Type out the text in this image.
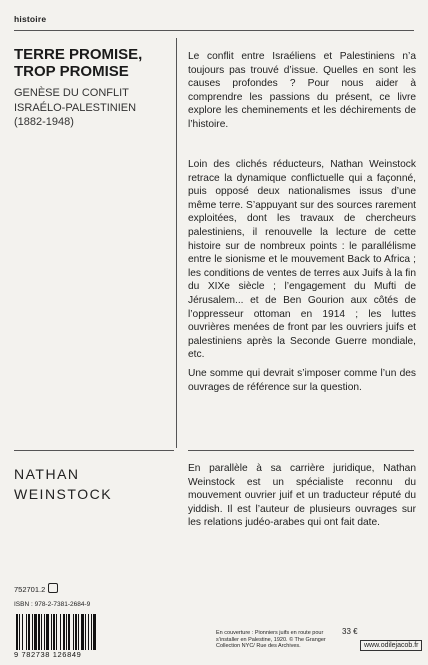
histoire
TERRE PROMISE,
TROP PROMISE
GENÈSE DU CONFLIT
ISRAÉLO-PALESTINIEN
(1882-1948)

Le conflit entre Israéliens et Palestiniens n’a toujours pas trouvé d’issue. Quelles en sont les causes profondes ? Pour nous aider à comprendre les passions du présent, ce livre explore les cheminements et les déchirements de l’histoire.

Loin des clichés réducteurs, Nathan Weinstock retrace la dynamique conflictuelle qui a façonné, puis opposé deux nationalismes issus d’une même terre. S’appuyant sur des sources rarement exploitées, dont les travaux de chercheurs palestiniens, il renouvelle la lecture de cette histoire sur de nombreux points : le parallélisme entre le sionisme et le mouvement Back to Africa ; les conditions de ventes de terres aux Juifs à la fin du XIXe siècle ; l’engagement du Mufti de Jérusalem... et de Ben Gourion aux côtés de l’oppresseur ottoman en 1914 ; les luttes ouvrières menées de front par les ouvriers juifs et palestiniens après la Seconde Guerre mondiale, etc.

Une somme qui devrait s’imposer comme l’un des ouvrages de référence sur la question.

NATHAN
WEINSTOCK

En parallèle à sa carrière juridique, Nathan Weinstock est un spécialiste reconnu du mouvement ouvrier juif et un traducteur réputé du yiddish. Il est l’auteur de plusieurs ouvrages sur les relations judéo-arabes qui ont fait date.

752701.2
ISBN : 978-2-7381-2684-9
9 782738 126849
En couverture : Pionniers juifs en route pour s’installer en Palestine, 1920. © The Granger Collection NYC/ Rue des Archives.
33 €
www.odilejacob.fr
